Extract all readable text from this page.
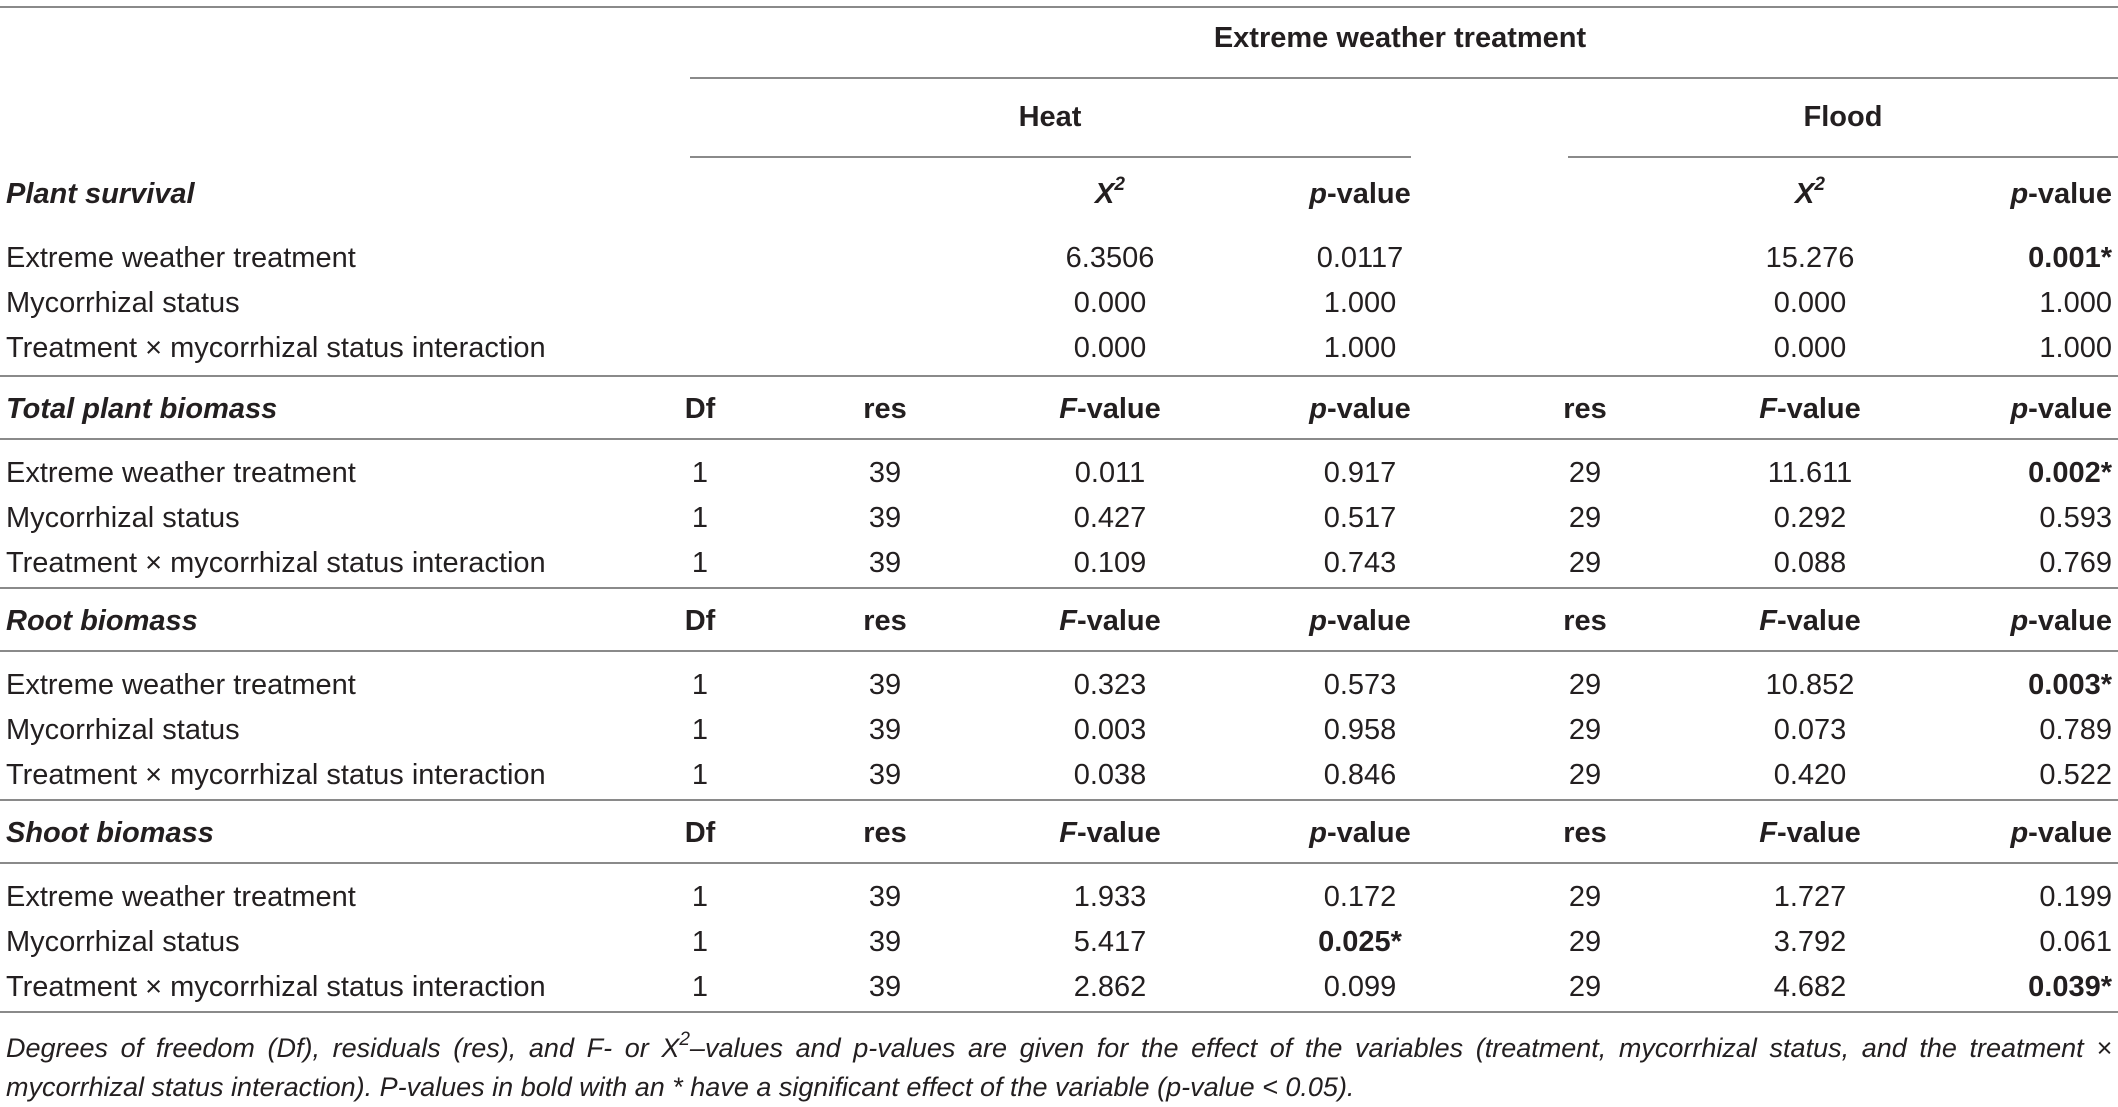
Extreme weather treatment
Heat	Flood
Plant survival	$X^2$	p-value	$X^2$	p-value
Extreme weather treatment	6.3506	0.0117	15.276	0.001*
Mycorrhizal status	0.000	1.000	0.000	1.000
Treatment × mycorrhizal status interaction	0.000	1.000	0.000	1.000
Total plant biomass	Df	res	F-value	p-value	res	F-value	p-value
Extreme weather treatment	1	39	0.011	0.917	29	11.611	0.002*
Mycorrhizal status	1	39	0.427	0.517	29	0.292	0.593
Treatment × mycorrhizal status interaction	1	39	0.109	0.743	29	0.088	0.769
Root biomass	Df	res	F-value	p-value	res	F-value	p-value
Extreme weather treatment	1	39	0.323	0.573	29	10.852	0.003*
Mycorrhizal status	1	39	0.003	0.958	29	0.073	0.789
Treatment × mycorrhizal status interaction	1	39	0.038	0.846	29	0.420	0.522
Shoot biomass	Df	res	F-value	p-value	res	F-value	p-value
Extreme weather treatment	1	39	1.933	0.172	29	1.727	0.199
Mycorrhizal status	1	39	5.417	0.025*	29	3.792	0.061
Treatment × mycorrhizal status interaction	1	39	2.862	0.099	29	4.682	0.039*
Degrees of freedom (Df), residuals (res), and F- or $X^2$–values and p-values are given for the effect of the variables (treatment, mycorrhizal status, and the treatment × mycorrhizal status interaction). P-values in bold with an * have a significant effect of the variable (p-value < 0.05).
